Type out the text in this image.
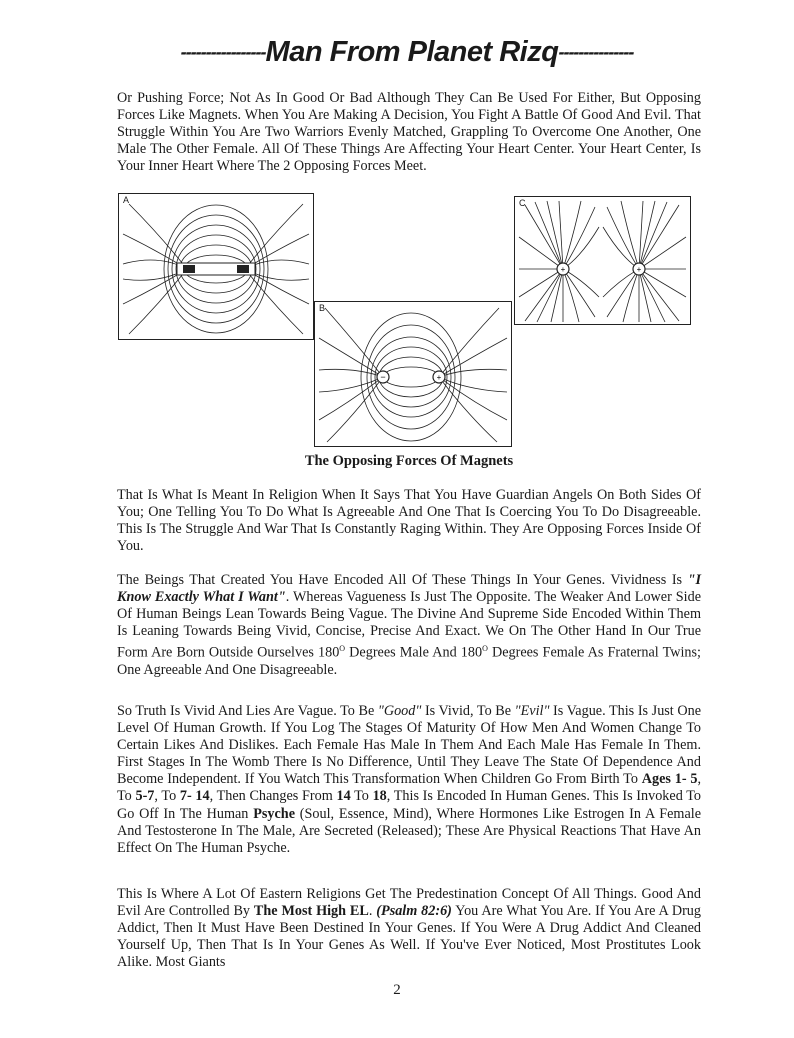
-----------------Man From Planet Rizq---------------
Or Pushing Force; Not As In Good Or Bad Although They Can Be Used For Either, But Opposing Forces Like Magnets. When You Are Making A Decision, You Fight A Battle Of Good And Evil. That Struggle Within You Are Two Warriors Evenly Matched, Grappling To Overcome One Another, One Male The Other Female. All Of These Things Are Affecting Your Heart Center. Your Heart Center, Is Your Inner Heart Where The 2 Opposing Forces Meet.
A	C
+	+
B
−	+
The Opposing Forces Of Magnets
That Is What Is Meant In Religion When It Says That You Have Guardian Angels On Both Sides Of You; One Telling You To Do What Is Agreeable And One That Is Coercing You To Do Disagreeable. This Is The Struggle And War That Is Constantly Raging Within. They Are Opposing Forces Inside Of You.
The Beings That Created You Have Encoded All Of These Things In Your Genes. Vividness Is "I Know Exactly What I Want". Whereas Vagueness Is Just The Opposite. The Weaker And Lower Side Of Human Beings Lean Towards Being Vague. The Divine And Supreme Side Encoded Within Them Is Leaning Towards Being Vivid, Concise, Precise And Exact. We On The Other Hand In Our True Form Are Born Outside Ourselves $180^O$ Degrees Male And $180^O$ Degrees Female As Fraternal Twins; One Agreeable And One Disagreeable.
So Truth Is Vivid And Lies Are Vague. To Be "Good" Is Vivid, To Be "Evil" Is Vague. This Is Just One Level Of Human Growth. If You Log The Stages Of Maturity Of How Men And Women Change To Certain Likes And Dislikes. Each Female Has Male In Them And Each Male Has Female In Them. First Stages In The Womb There Is No Difference, Until They Leave The State Of Dependence And Become Independent. If You Watch This Transformation When Children Go From Birth To Ages 1- 5, To 5-7, To 7- 14, Then Changes From 14 To 18, This Is Encoded In Human Genes. This Is Invoked To Go Off In The Human Psyche (Soul, Essence, Mind), Where Hormones Like Estrogen In A Female And Testosterone In The Male, Are Secreted (Released); These Are Physical Reactions That Have An Effect On The Human Psyche.
This Is Where A Lot Of Eastern Religions Get The Predestination Concept Of All Things. Good And Evil Are Controlled By The Most High EL. (Psalm 82:6) You Are What You Are. If You Are A Drug Addict, Then It Must Have Been Destined In Your Genes. If You Were A Drug Addict And Cleaned Yourself Up, Then That Is In Your Genes As Well. If You've Ever Noticed, Most Prostitutes Look Alike. Most Giants
2
